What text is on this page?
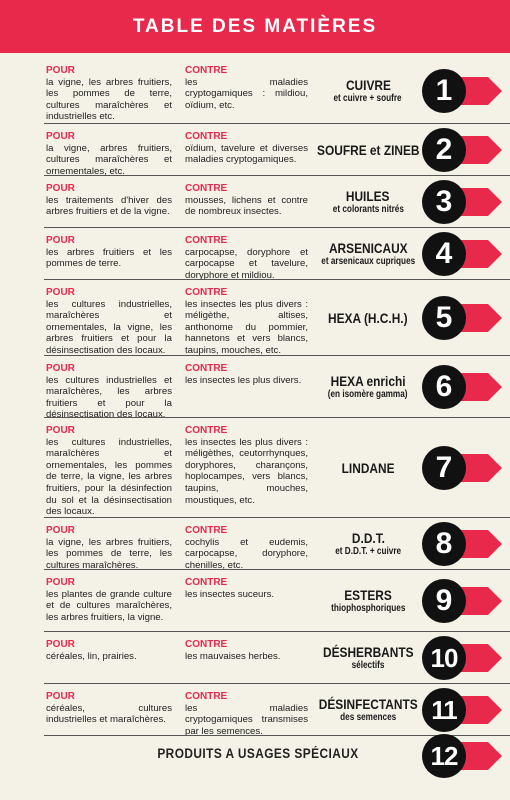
TABLE DES MATIÈRES
POUR
la vigne, les arbres fruitiers, les pommes de terre, cultures maraîchères et industrielles etc.
CONTRE
les maladies cryptogamiques : mildiou, oïdium, etc.
CUIVRE
et cuivre + soufre	1
POUR
la vigne, arbres fruitiers, cultures maraîchères et ornementales, etc.
CONTRE
oïdium, tavelure et diverses maladies cryptogamiques.
SOUFRE et ZINEB 2
POUR
les traitements d'hiver des arbres fruitiers et de la vigne.
CONTRE
mousses, lichens et contre de nombreux insectes.
HUILES
et colorants nitrés	3
POUR
les arbres fruitiers et les pommes de terre.
CONTRE
carpocapse, doryphore et carpocapse et tavelure, doryphore et mildiou.
ARSENICAUX
et arsenicaux cupriques 4
POUR
les cultures industrielles, maraîchères et ornementales, la vigne, les arbres fruitiers et pour la désinsectisation des locaux.
CONTRE
les insectes les plus divers : méligèthe, altises, anthonome du pommier, hannetons et vers blancs, taupins, mouches, etc.
HEXA (H.C.H.) 5
POUR
les cultures industrielles et maraîchères, les arbres fruitiers et pour la désinsectisation des locaux.
CONTRE
les insectes les plus divers.	HEXA enrichi
(en isomère gamma) 6
POUR
les cultures industrielles, maraîchères et ornementales, les pommes de terre, la vigne, les arbres fruitiers, pour la désinfection du sol et la désinsectisation des locaux.
CONTRE
les insectes les plus divers : méligèthes, ceutorrhynques, doryphores, charançons, hoplocampes, vers blancs, taupins, mouches, moustiques, etc.
LINDANE	7
POUR
la vigne, les arbres fruitiers, les pommes de terre, les cultures maraîchères.
CONTRE
cochylis et eudemis, carpocapse, doryphore, chenilles, etc.
D.D.T.
et D.D.T. + cuivre	8
POUR
les plantes de grande culture et de cultures maraîchères, les arbres fruitiers, la vigne.
CONTRE
les insectes suceurs.	ESTERS
thiophosphoriques	9
POUR
céréales, lin, prairies.
CONTRE
les mauvaises herbes.	DÉSHERBANTS
sélectifs	10
POUR
céréales, cultures industrielles et maraîchères.
CONTRE
les maladies cryptogamiques transmises par les semences.
DÉSINFECTANTS
des semences	11
PRODUITS A USAGES SPÉCIAUX	12
